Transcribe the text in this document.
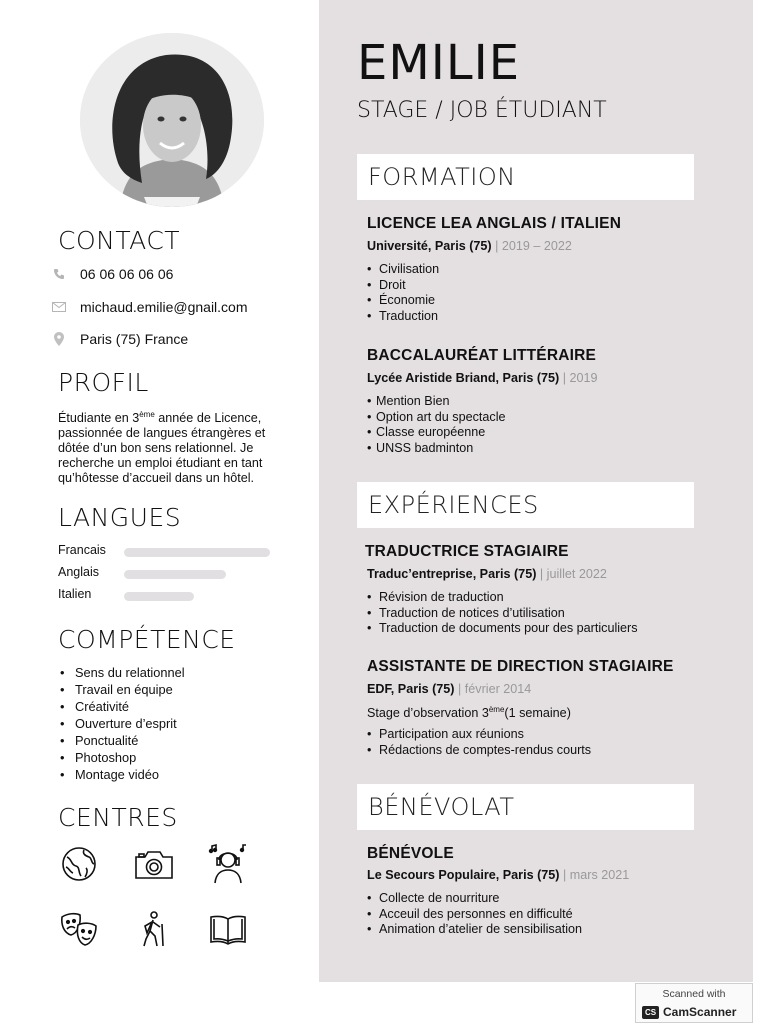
CONTACT
06 06 06 06 06
michaud.emilie@gnail.com
Paris (75) France
PROFIL
Étudiante en 3ème année de Licence, passionnée de langues étrangères et dôtée d’un bon sens relationnel. Je recherche un emploi étudiant en tant qu’hôtesse d’accueil dans un hôtel.
LANGUES
Francais
Anglais
Italien
COMPÉTENCE
• Sens du relationnel
• Travail en équipe
• Créativité
• Ouverture d’esprit
• Ponctualité
• Photoshop
• Montage vidéo
CENTRES
EMILIE
STAGE / JOB ÉTUDIANT
FORMATION
LICENCE LEA ANGLAIS / ITALIEN
Université, Paris (75) | 2019 – 2022
• Civilisation
• Droit
• Économie
• Traduction
BACCALAURÉAT LITTÉRAIRE
Lycée Aristide Briand, Paris (75) | 2019
• Mention Bien
• Option art du spectacle
• Classe européenne
• UNSS badminton
EXPÉRIENCES
TRADUCTRICE STAGIAIRE
Traduc’entreprise, Paris (75) | juillet 2022
• Révision de traduction
• Traduction de notices d’utilisation
• Traduction de documents pour des particuliers
ASSISTANTE DE DIRECTION STAGIAIRE
EDF, Paris (75) | février 2014
Stage d’observation 3ème(1 semaine)
• Participation aux réunions
• Rédactions de comptes-rendus courts
BÉNÉVOLAT
BÉNÉVOLE
Le Secours Populaire, Paris (75) | mars 2021
• Collecte de nourriture
• Acceuil des personnes en difficulté
• Animation d’atelier de sensibilisation
Scanned with
CS CamScanner
